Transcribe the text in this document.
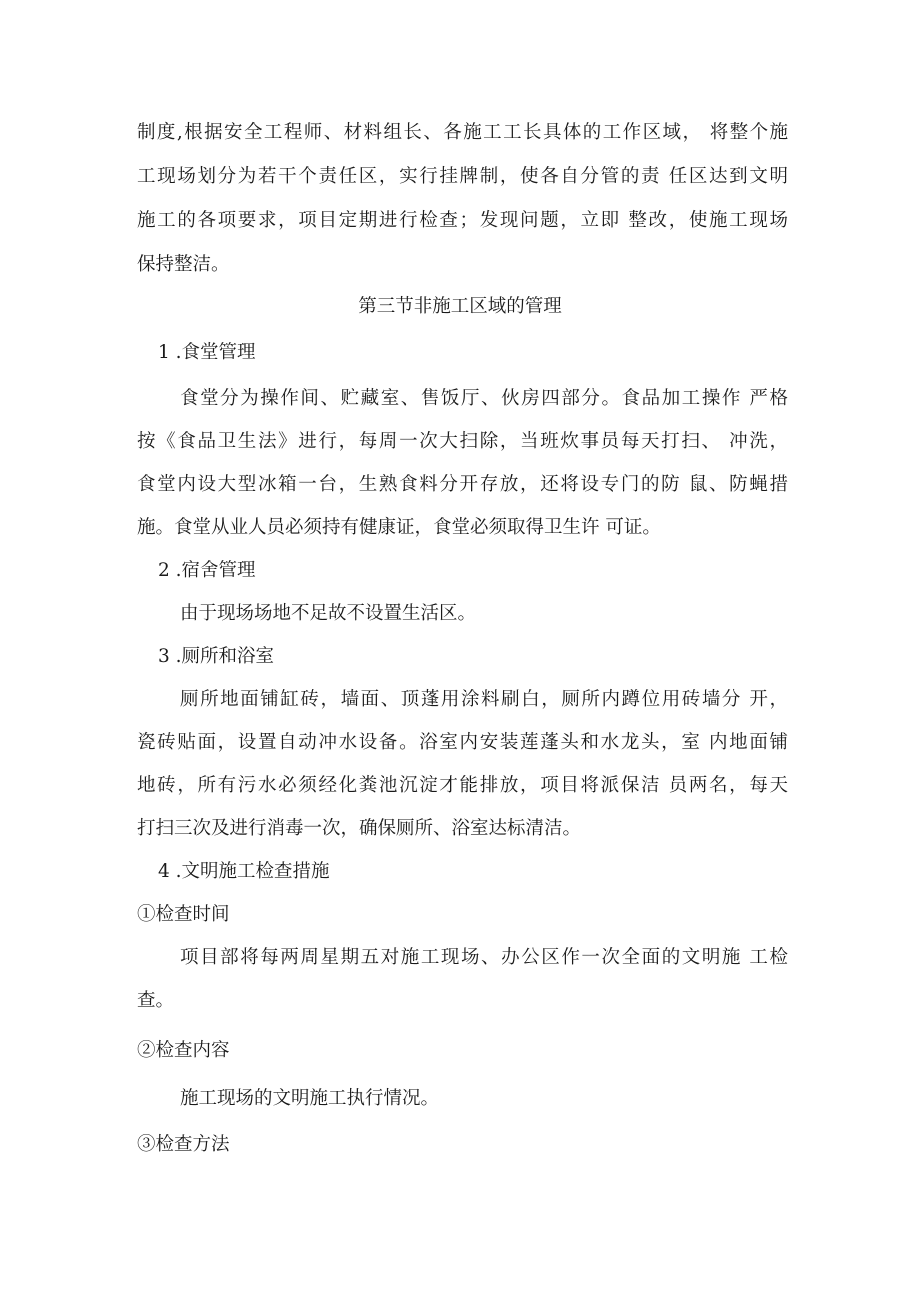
制度,根据安全工程师、材料组长、各施工工长具体的工作区域， 将整个施
工现场划分为若干个责任区，实行挂牌制，使各自分管的责 任区达到文明
施工的各项要求，项目定期进行检查；发现问题，立即 整改，使施工现场
保持整洁。
第三节非施工区域的管理
1 .食堂管理
食堂分为操作间、贮藏室、售饭厅、伙房四部分。食品加工操作 严格
按《食品卫生法》进行，每周一次大扫除，当班炊事员每天打扫、 冲洗，
食堂内设大型冰箱一台，生熟食料分开存放，还将设专门的防 鼠、防蝇措
施。食堂从业人员必须持有健康证，食堂必须取得卫生许 可证。
2 .宿舍管理
由于现场场地不足故不设置生活区。
3 .厕所和浴室
厕所地面铺缸砖，墙面、顶蓬用涂料刷白，厕所内蹲位用砖墙分 开，
瓷砖贴面，设置自动冲水设备。浴室内安装莲蓬头和水龙头，室 内地面铺
地砖，所有污水必须经化粪池沉淀才能排放，项目将派保洁 员两名，每天
打扫三次及进行消毒一次，确保厕所、浴室达标清洁。
4 .文明施工检查措施
①检查时间
项目部将每两周星期五对施工现场、办公区作一次全面的文明施 工检
查。
②检查内容
施工现场的文明施工执行情况。
③检查方法
